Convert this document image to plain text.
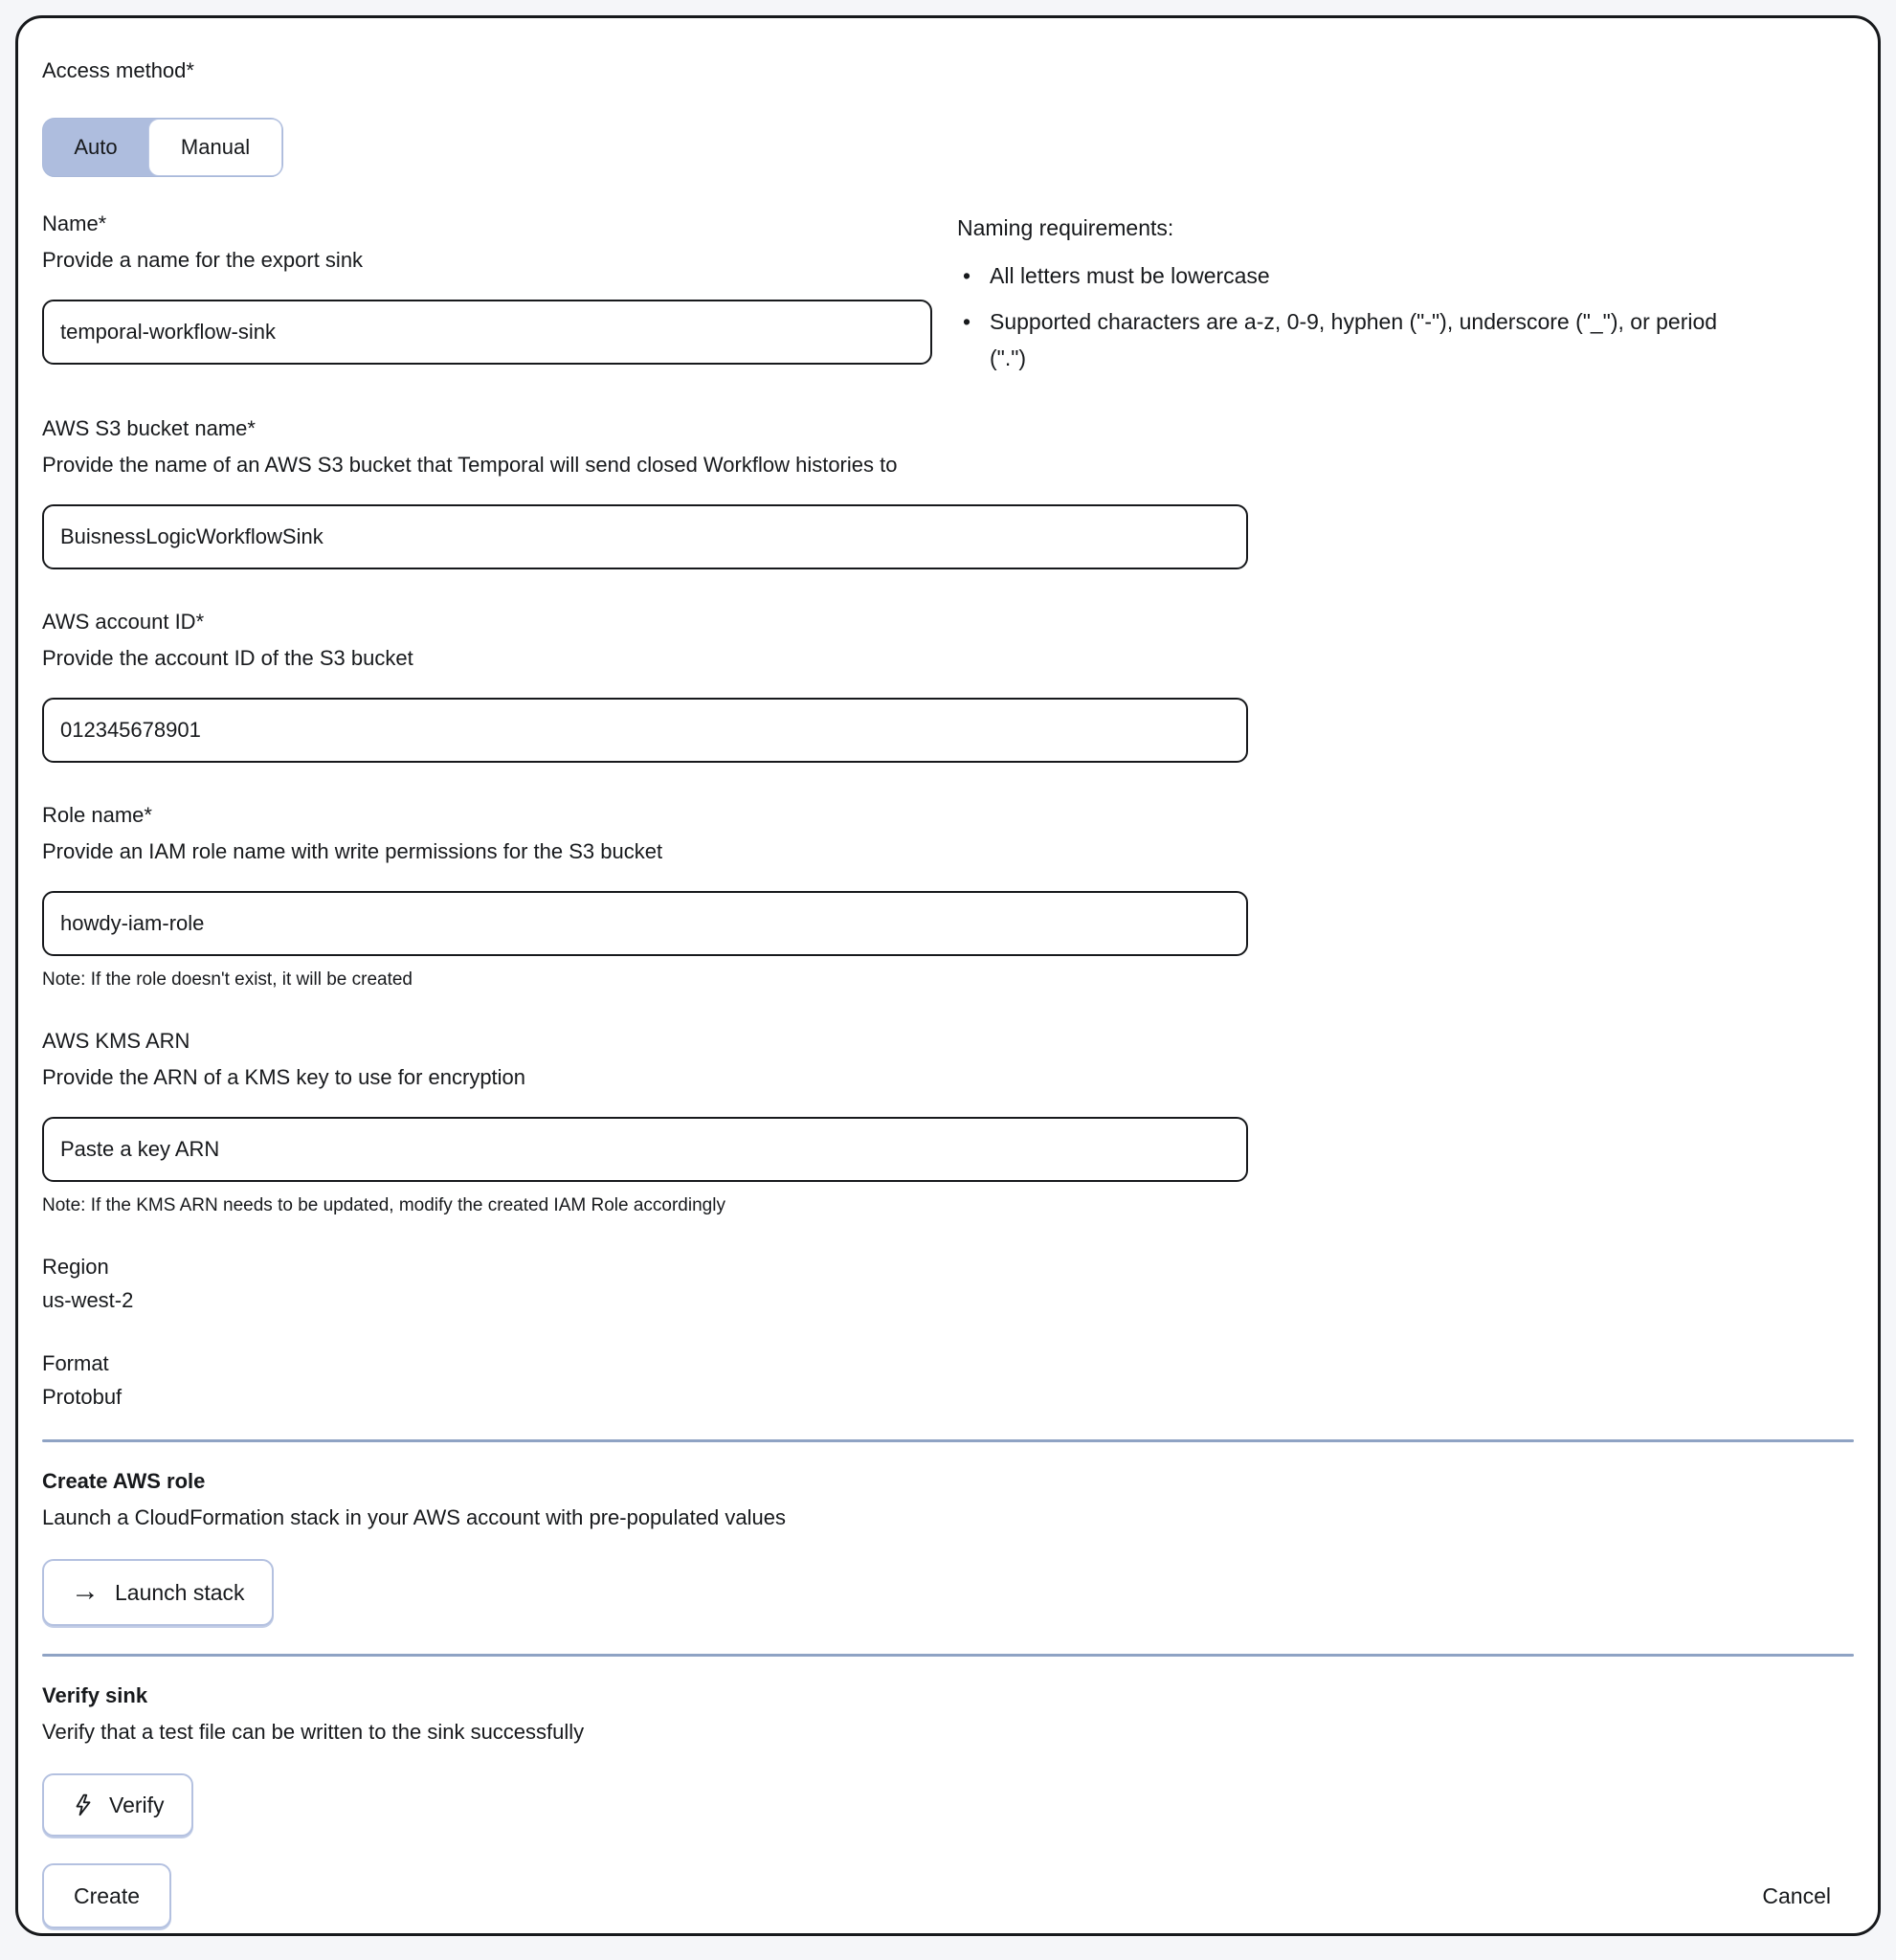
Access method*
Auto	Manual
Name*
Provide a name for the export sink
temporal-workflow-sink
Naming requirements:
• All letters must be lowercase
• Supported characters are a-z, 0-9, hyphen ("-"), underscore ("_"), or period (".")
AWS S3 bucket name*
Provide the name of an AWS S3 bucket that Temporal will send closed Workflow histories to
BuisnessLogicWorkflowSink
AWS account ID*
Provide the account ID of the S3 bucket
012345678901
Role name*
Provide an IAM role name with write permissions for the S3 bucket
howdy-iam-role
Note: If the role doesn't exist, it will be created
AWS KMS ARN
Provide the ARN of a KMS key to use for encryption
Paste a key ARN
Note: If the KMS ARN needs to be updated, modify the created IAM Role accordingly
Region
us-west-2
Format
Protobuf
Create AWS role
Launch a CloudFormation stack in your AWS account with pre-populated values
→ Launch stack
Verify sink
Verify that a test file can be written to the sink successfully
Verify
Create	Cancel
